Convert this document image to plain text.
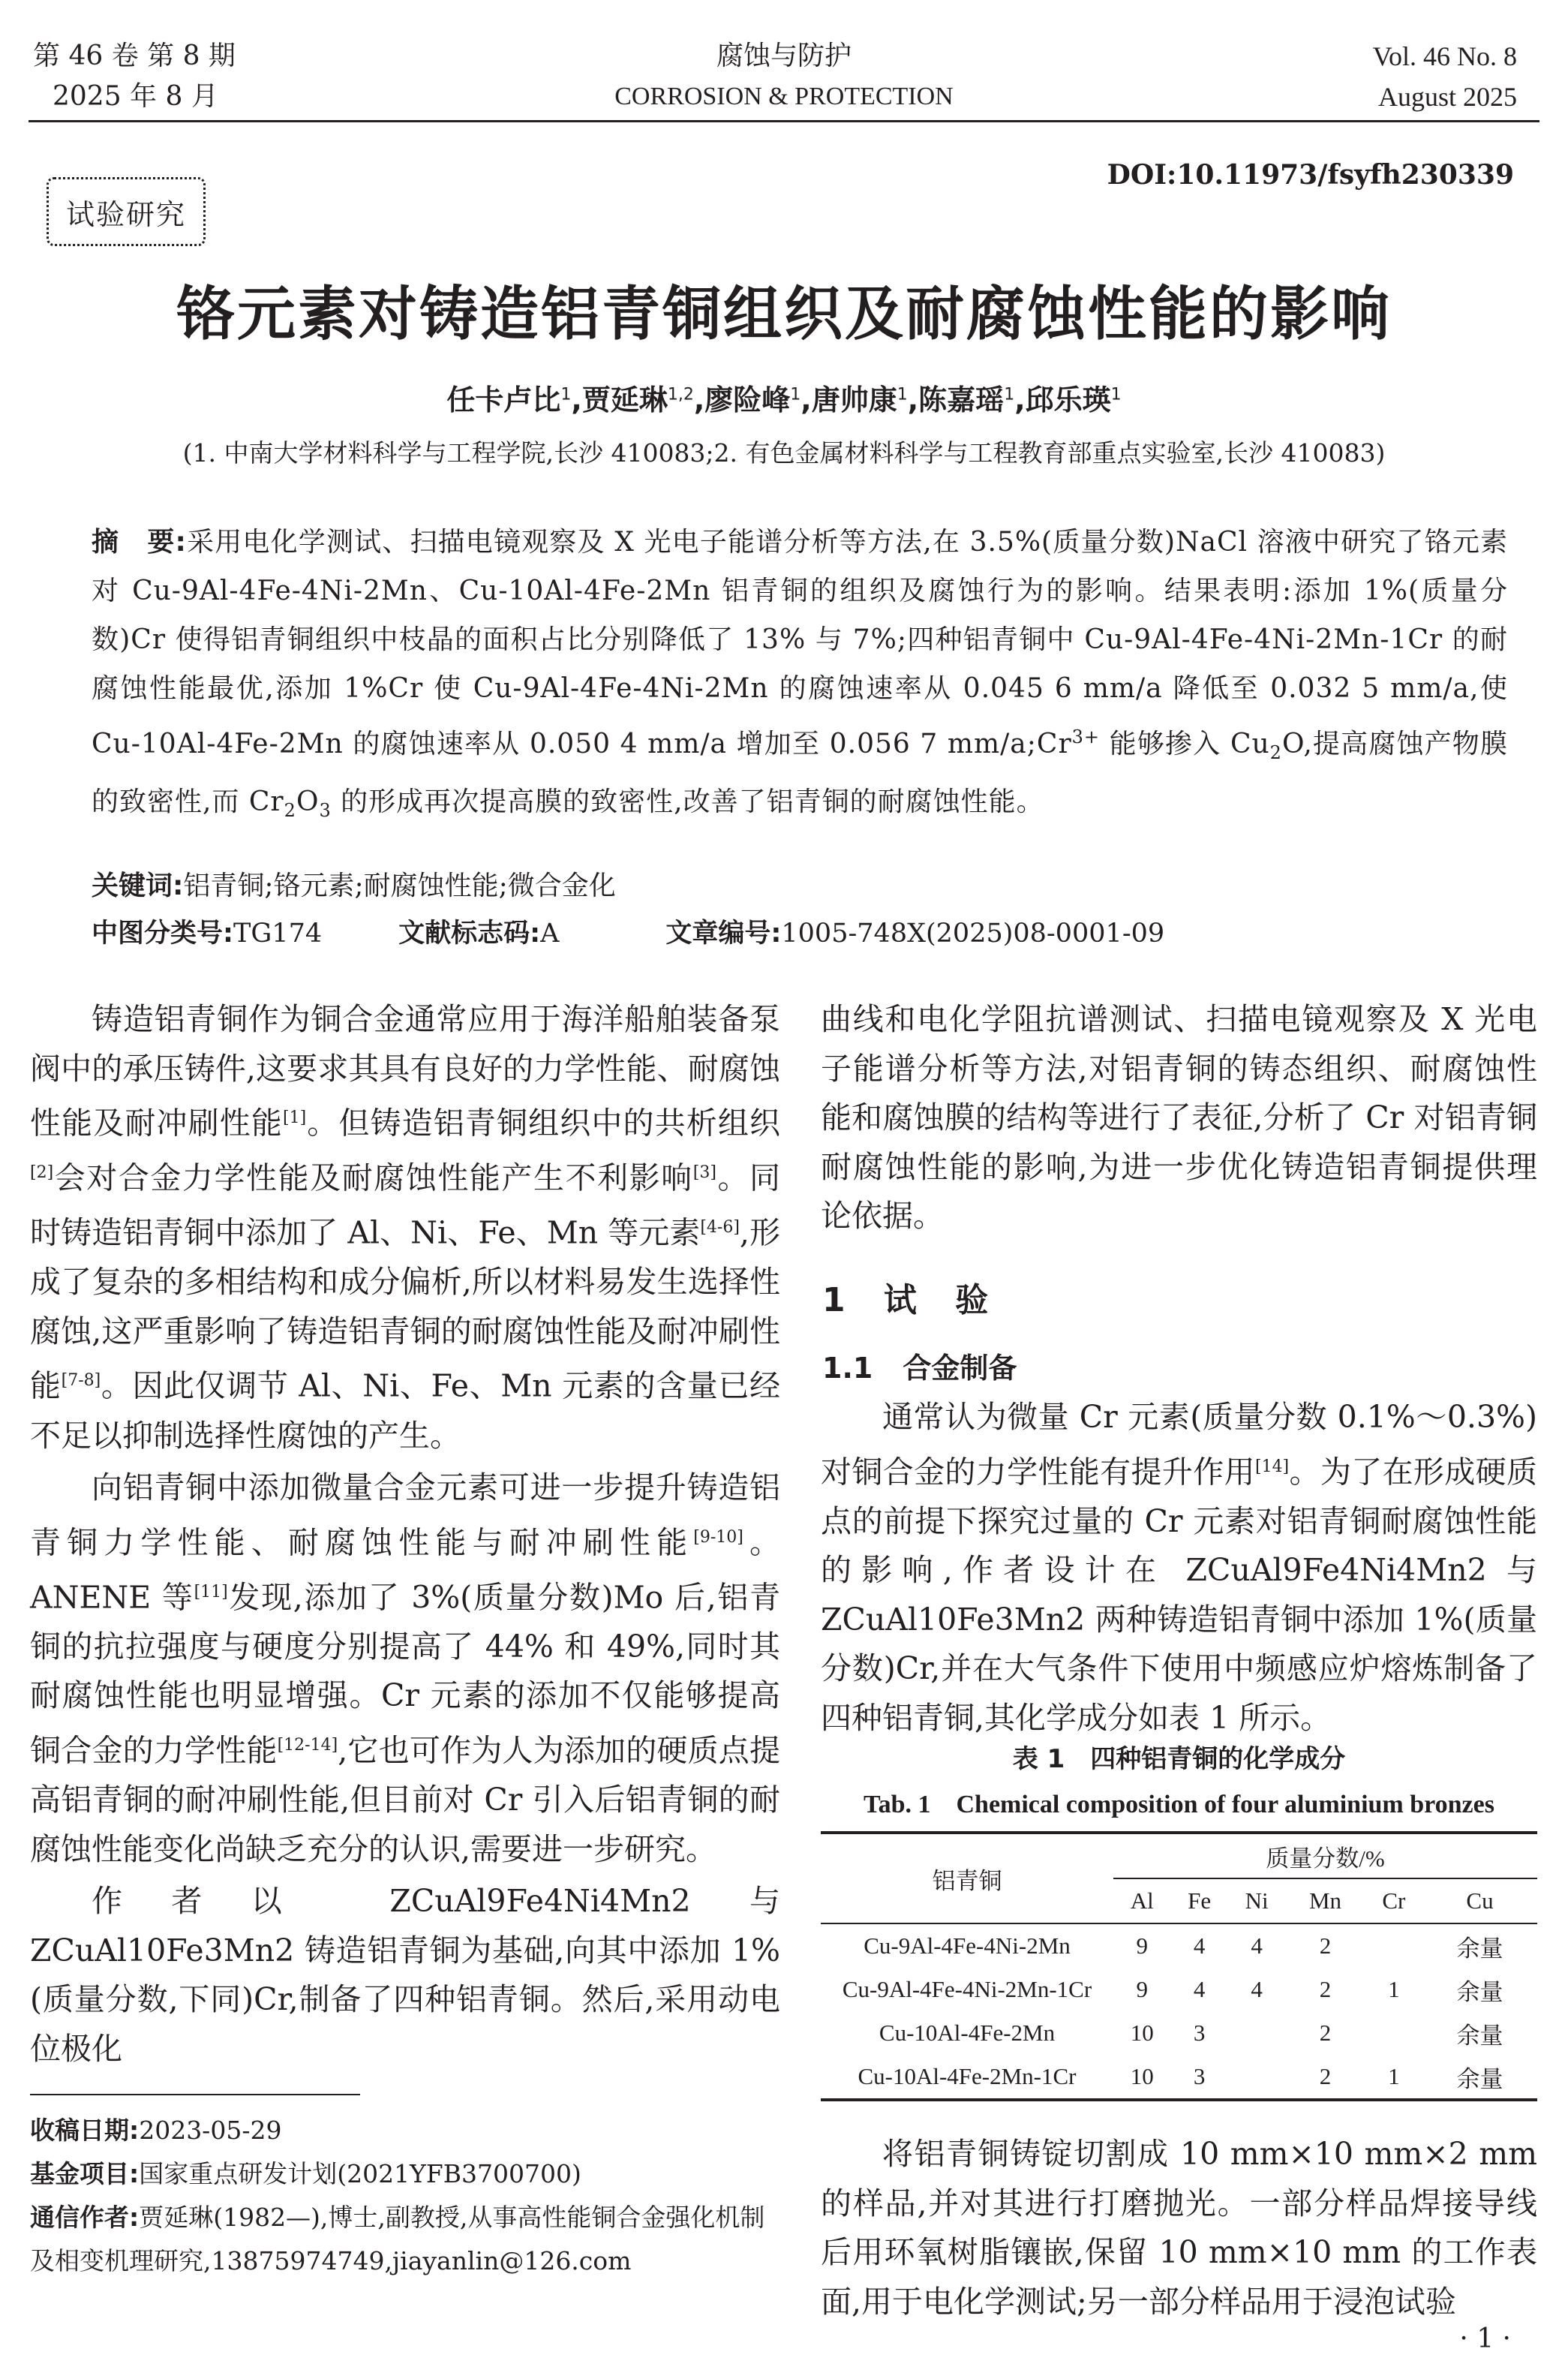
第 46 卷 第 8 期
2025 年 8 月
腐蚀与防护
CORROSION & PROTECTION
Vol. 46 No. 8
August 2025
试验研究
DOI:10.11973/fsyfh230339
铬元素对铸造铝青铜组织及耐腐蚀性能的影响
任卡卢比$^1$,贾延琳$^{1,2}$,廖险峰$^1$,唐帅康$^1$,陈嘉瑶$^1$,邱乐瑛$^1$
(1. 中南大学材料科学与工程学院,长沙 410083;2. 有色金属材料科学与工程教育部重点实验室,长沙 410083)
摘　要:采用电化学测试、扫描电镜观察及 X 光电子能谱分析等方法,在 3.5%(质量分数)NaCl 溶液中研究了铬元素对 Cu-9Al-4Fe-4Ni-2Mn、Cu-10Al-4Fe-2Mn 铝青铜的组织及腐蚀行为的影响。结果表明:添加 1%(质量分数)Cr 使得铝青铜组织中枝晶的面积占比分别降低了 13% 与 7%;四种铝青铜中 Cu-9Al-4Fe-4Ni-2Mn-1Cr 的耐腐蚀性能最优,添加 1%Cr 使 Cu-9Al-4Fe-4Ni-2Mn 的腐蚀速率从 0.045 6 mm/a 降低至 0.032 5 mm/a,使 Cu-10Al-4Fe-2Mn 的腐蚀速率从 0.050 4 mm/a 增加至 0.056 7 $mm/a;Cr^{3+}$ 能够掺入 $Cu_2O$,提高腐蚀产物膜的致密性,而 $Cr_2O_3$ 的形成再次提高膜的致密性,改善了铝青铜的耐腐蚀性能。
关键词:铝青铜;铬元素;耐腐蚀性能;微合金化
中图分类号:TG174	文献标志码:A	文章编号:1005-748X(2025)08-0001-09

铸造铝青铜作为铜合金通常应用于海洋船舶装备泵阀中的承压铸件,这要求其具有良好的力学性能、耐腐蚀性能及耐冲刷性能[1]。但铸造铝青铜组织中的共析组织[2]会对合金力学性能及耐腐蚀性能产生不利影响[3]。同时铸造铝青铜中添加了 Al、Ni、Fe、Mn 等元素[4-6],形成了复杂的多相结构和成分偏析,所以材料易发生选择性腐蚀,这严重影响了铸造铝青铜的耐腐蚀性能及耐冲刷性能[7-8]。因此仅调节 Al、Ni、Fe、Mn 元素的含量已经不足以抑制选择性腐蚀的产生。

向铝青铜中添加微量合金元素可进一步提升铸造铝青铜力学性能、耐腐蚀性能与耐冲刷性能[9-10]。ANENE 等[11]发现,添加了 3%(质量分数)Mo 后,铝青铜的抗拉强度与硬度分别提高了 44% 和 49%,同时其耐腐蚀性能也明显增强。Cr 元素的添加不仅能够提高铜合金的力学性能[12-14],它也可作为人为添加的硬质点提高铝青铜的耐冲刷性能,但目前对 Cr 引入后铝青铜的耐腐蚀性能变化尚缺乏充分的认识,需要进一步研究。

作者以 ZCuAl9Fe4Ni4Mn2 与 ZCuAl10Fe3Mn2 铸造铝青铜为基础,向其中添加 1%(质量分数,下同)Cr,制备了四种铝青铜。然后,采用动电位极化

曲线和电化学阻抗谱测试、扫描电镜观察及 X 光电子能谱分析等方法,对铝青铜的铸态组织、耐腐蚀性能和腐蚀膜的结构等进行了表征,分析了 Cr 对铝青铜耐腐蚀性能的影响,为进一步优化铸造铝青铜提供理论依据。

1 试 验
1.1 合金制备

通常认为微量 Cr 元素(质量分数 0.1%～0.3%)对铜合金的力学性能有提升作用[14]。为了在形成硬质点的前提下探究过量的 Cr 元素对铝青铜耐腐蚀性能的影响,作者设计在 ZCuAl9Fe4Ni4Mn2 与 ZCuAl10Fe3Mn2 两种铸造铝青铜中添加 1%(质量分数)Cr,并在大气条件下使用中频感应炉熔炼制备了四种铝青铜,其化学成分如表 1 所示。

表 1　四种铝青铜的化学成分
Tab. 1　Chemical composition of four aluminium bronzes
铝青铜	质量分数/%					
	Al	Fe	Ni	Mn	Cr	Cu
Cu-9Al-4Fe-4Ni-2Mn	9	4	4	2		余量
Cu-9Al-4Fe-4Ni-2Mn-1Cr	9	4	4	2	1	余量
Cu-10Al-4Fe-2Mn	10	3		2		余量
Cu-10Al-4Fe-2Mn-1Cr	10	3		2	1	余量

将铝青铜铸锭切割成 10 mm×10 mm×2 mm 的样品,并对其进行打磨抛光。一部分样品焊接导线后用环氧树脂镶嵌,保留 10 mm×10 mm 的工作表面,用于电化学测试;另一部分样品用于浸泡试验

收稿日期:2023-05-29
基金项目:国家重点研发计划(2021YFB3700700)
通信作者:贾延琳(1982—),博士,副教授,从事高性能铜合金强化机制及相变机理研究,13875974749,jiayanlin@126.com
· 1 ·
